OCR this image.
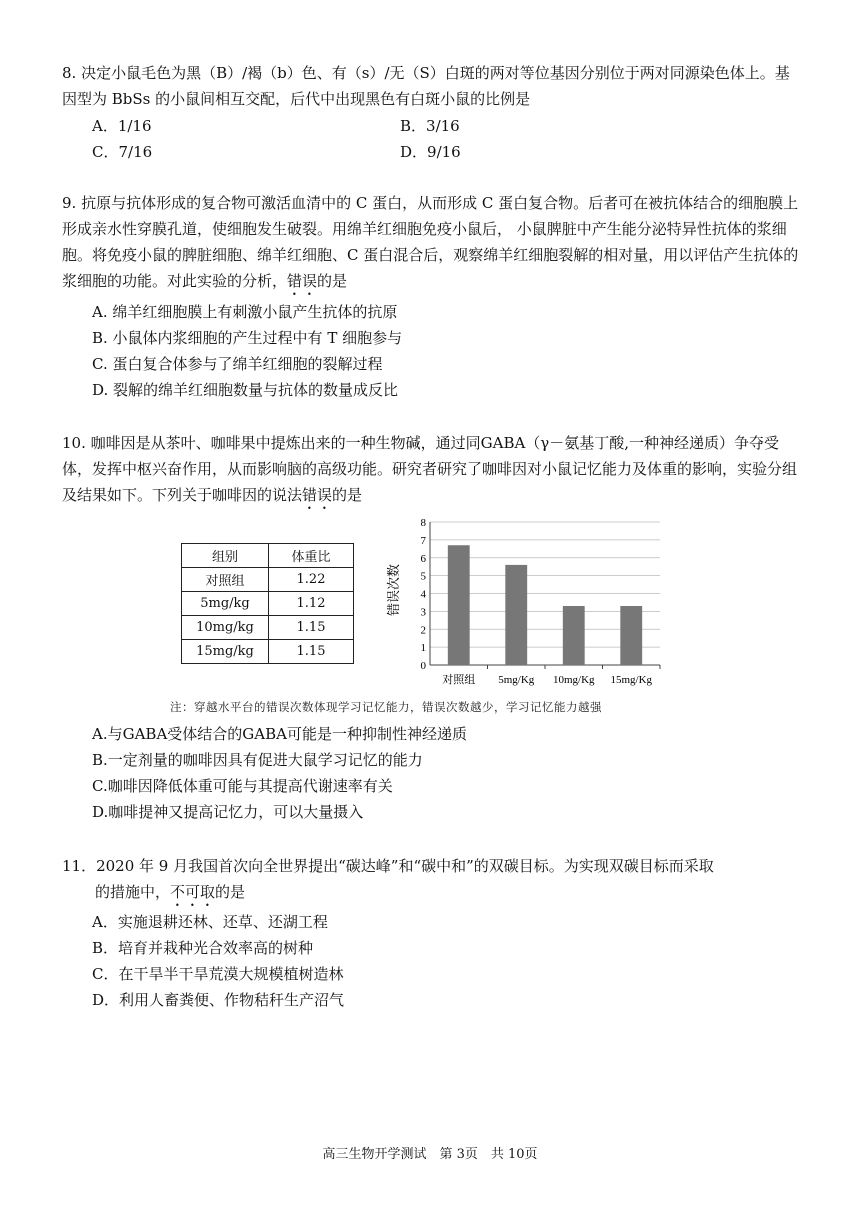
8. 决定小鼠毛色为黑（B）/褐（b）色、有（s）/无（S）白斑的两对等位基因分别位于两对同源染色体上。基因型为 BbSs 的小鼠间相互交配，后代中出现黑色有白斑小鼠的比例是
A．1/16	B．3/16
C．7/16	D．9/16
9. 抗原与抗体形成的复合物可激活血清中的 C 蛋白，从而形成 C 蛋白复合物。后者可在被抗体结合的细胞膜上形成亲水性穿膜孔道，使细胞发生破裂。用绵羊红细胞免疫小鼠后， 小鼠脾脏中产生能分泌特异性抗体的浆细胞。将免疫小鼠的脾脏细胞、绵羊红细胞、C 蛋白混合后，观察绵羊红细胞裂解的相对量，用以评估产生抗体的浆细胞的功能。对此实验的分析，错误的是
A. 绵羊红细胞膜上有刺激小鼠产生抗体的抗原
B. 小鼠体内浆细胞的产生过程中有 T 细胞参与
C. 蛋白复合体参与了绵羊红细胞的裂解过程
D. 裂解的绵羊红细胞数量与抗体的数量成反比
10. 咖啡因是从茶叶、咖啡果中提炼出来的一种生物碱，通过同GABA（γ－氨基丁酸,一种神经递质）争夺受体，发挥中枢兴奋作用，从而影响脑的高级功能。研究者研究了咖啡因对小鼠记忆能力及体重的影响，实验分组及结果如下。下列关于咖啡因的说法错误的是
组别	体重比
对照组	1.22
5mg/kg	1.12
10mg/kg	1.15
15mg/kg	1.15
0
1
2
3
4
5
6
7
8
对照组 5mg/Kg 10mg/Kg 15mg/Kg
错误次数
注：穿越水平台的错误次数体现学习记忆能力，错误次数越少，学习记忆能力越强
A.与GABA受体结合的GABA可能是一种抑制性神经递质
B.一定剂量的咖啡因具有促进大鼠学习记忆的能力
C.咖啡因降低体重可能与其提高代谢速率有关
D.咖啡提神又提高记忆力，可以大量摄入
11．2020 年 9 月我国首次向全世界提出“碳达峰”和“碳中和”的双碳目标。为实现双碳目标而采取
的措施中，不可取的是
A．实施退耕还林、还草、还湖工程
B．培育并栽种光合效率高的树种
C．在干旱半干旱荒漠大规模植树造林
D．利用人畜粪便、作物秸秆生产沼气
高三生物开学测试　第 3页　共 10页
